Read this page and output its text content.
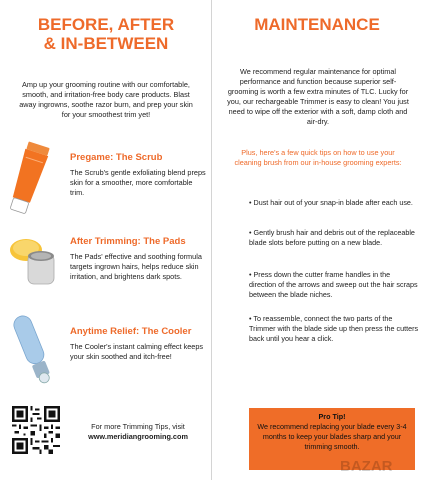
BEFORE, AFTER
& IN-BETWEEN
Amp up your grooming routine with our comfortable, smooth, and irritation-free body care products. Blast away ingrowns, soothe razor burn, and prep your skin for your smoothest trim yet!
Pregame: The Scrub

The Scrub's gentle exfoliating blend preps skin for a smoother, more comfortable trim.

After Trimming: The Pads

The Pads' effective and soothing formula targets ingrown hairs, helps reduce skin irritation, and brightens dark spots.

Anytime Relief: The Cooler

The Cooler's instant calming effect keeps your skin soothed and itch-free!

For more Trimming Tips, visit
www.meridiangrooming.com
MAINTENANCE
We recommend regular maintenance for optimal performance and function because superior self-grooming is worth a few extra minutes of TLC. Lucky for you, our rechargeable Trimmer is easy to clean! You just need to wipe off the exterior with a soft, damp cloth and air-dry.
Plus, here's a few quick tips on how to use your cleaning brush from our in-house grooming experts:
• Dust hair out of your snap-in blade after each use.
• Gently brush hair and debris out of the replaceable blade slots before putting on a new blade.
• Press down the cutter frame handles in the direction of the arrows and sweep out the hair scraps between the blade niches.
• To reassemble, connect the two parts of the Trimmer with the blade side up then press the cutters back until you hear a click.
Pro Tip!
We recommend replacing your blade every 3-4 months to keep your blades sharp and your trimming smooth.
BAZAR
